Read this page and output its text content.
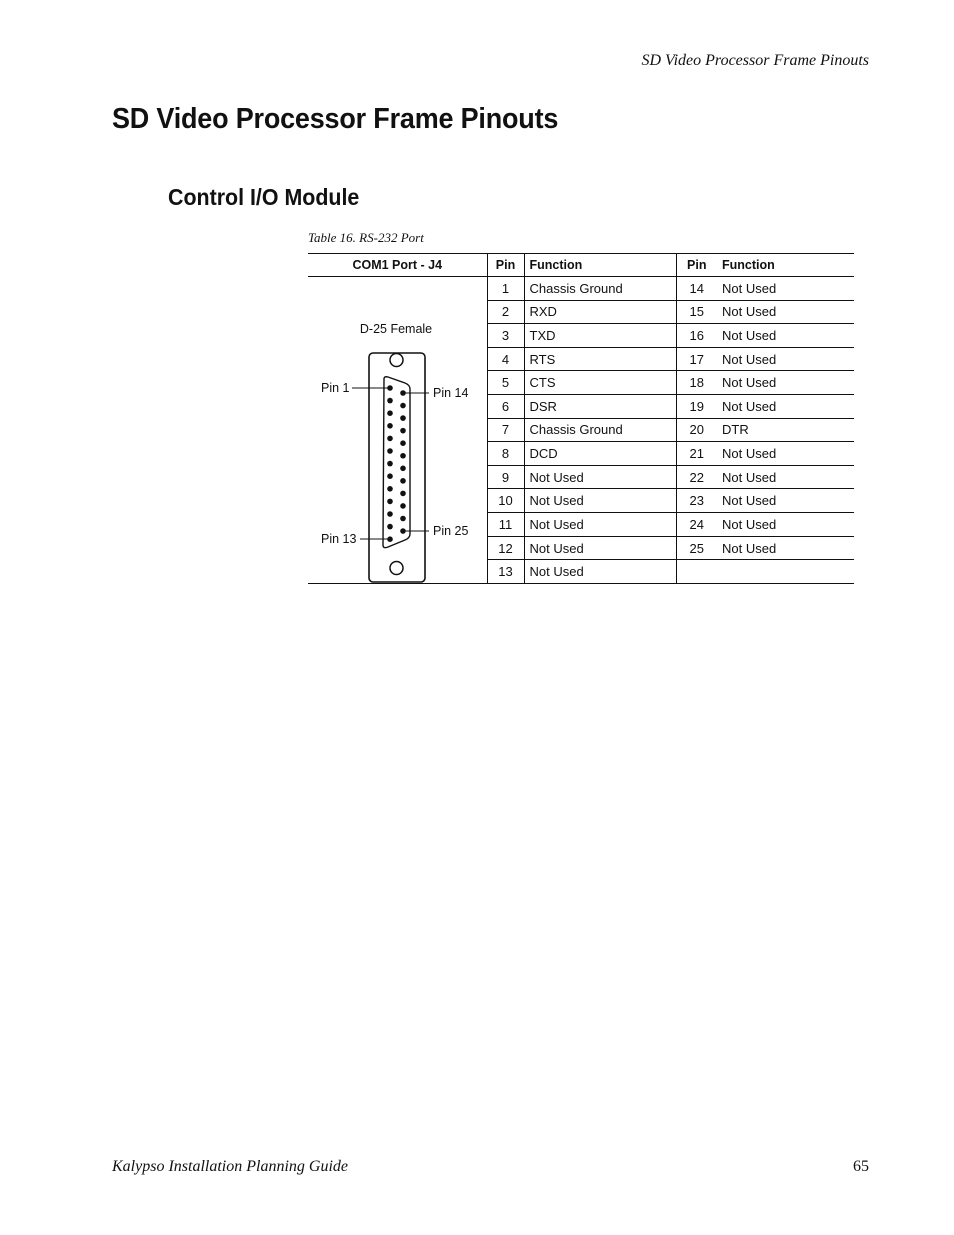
SD Video Processor Frame Pinouts
SD Video Processor Frame Pinouts
Control I/O Module
Table 16. RS-232 Port
COM1 Port - J4	Pin	Function	Pin	Function

D-25 Female
Pin 1 Pin 14
Pin 13
Pin 25	1	Chassis Ground	14	Not Used
	2	RXD	15	Not Used
	3	TXD	16	Not Used
	4	RTS	17	Not Used
	5	CTS	18	Not Used
	6	DSR	19	Not Used
	7	Chassis Ground	20	DTR
	8	DCD	21	Not Used
	9	Not Used	22	Not Used
	10	Not Used	23	Not Used
	11	Not Used	24	Not Used
	12	Not Used	25	Not Used
	13	Not Used		
Kalypso Installation Planning Guide	65
